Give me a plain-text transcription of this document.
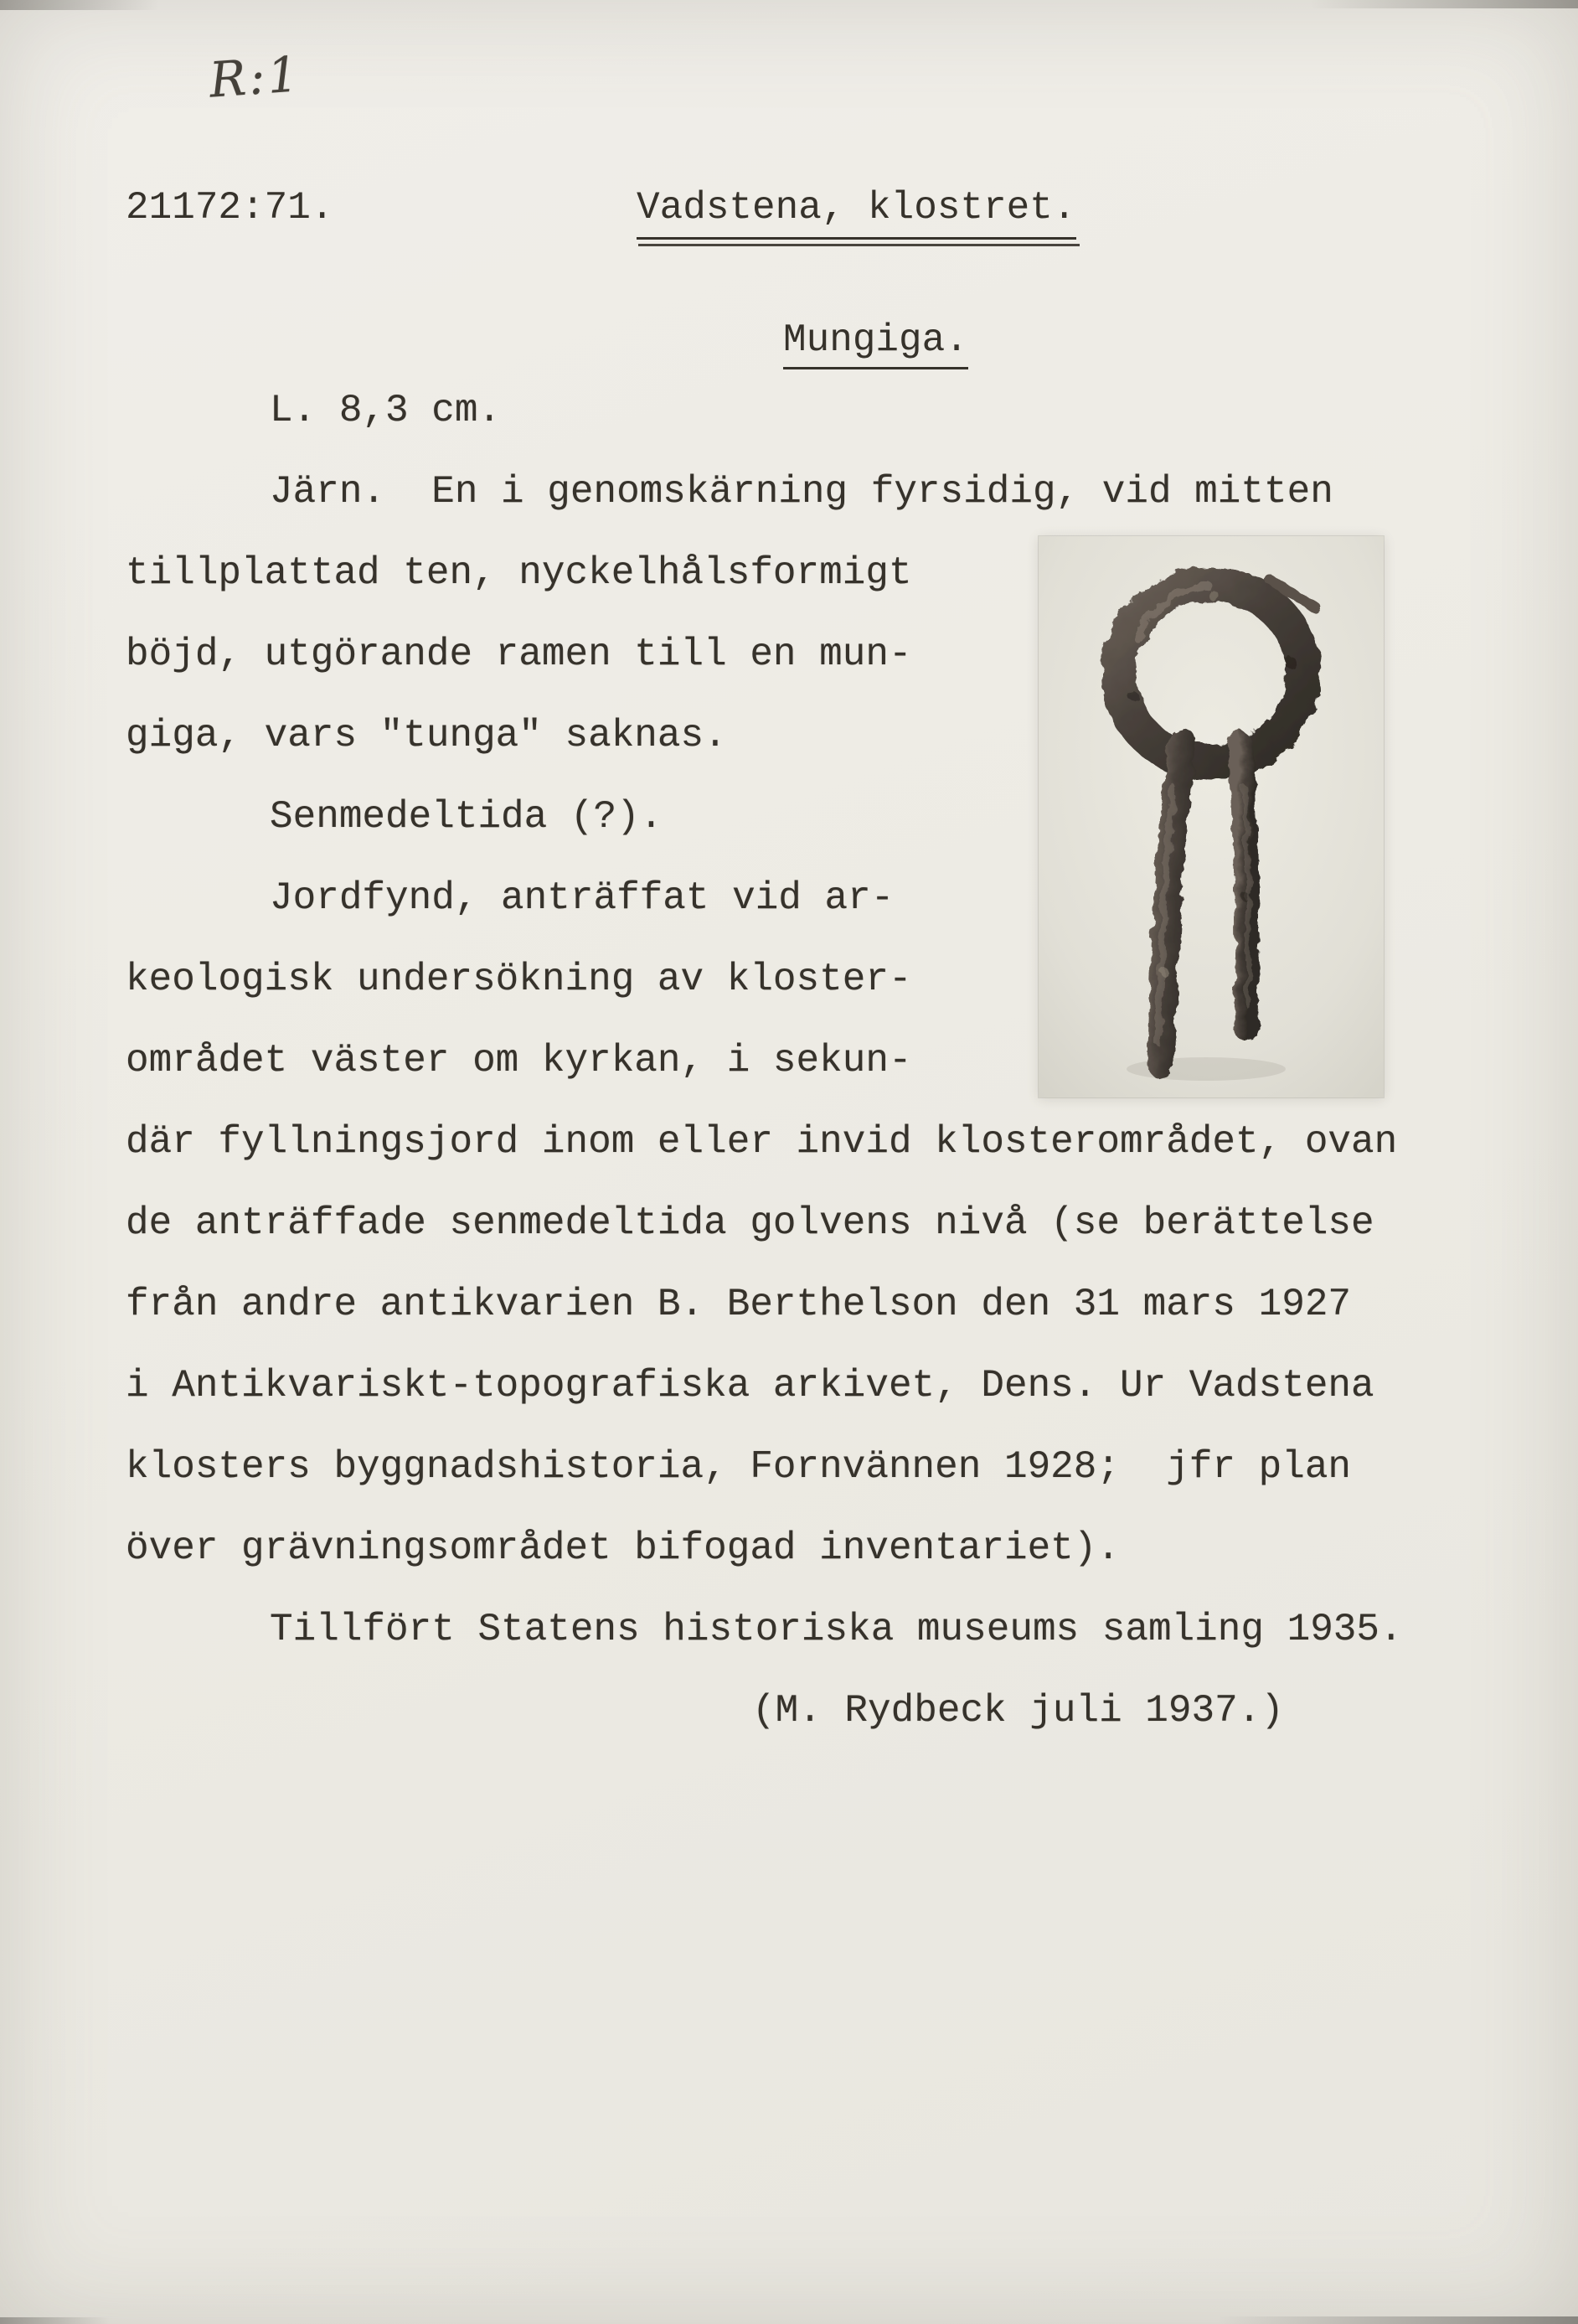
R:1
21172:71.	Vadstena, klostret.
Mungiga.
L. 8,3 cm.
Järn.  En i genomskärning fyrsidig, vid mitten
tillplattad ten, nyckelhålsformigt
böjd, utgörande ramen till en mun-
giga, vars "tunga" saknas.
Senmedeltida (?).
Jordfynd, anträffat vid ar-
keologisk undersökning av kloster-
området väster om kyrkan, i sekun-
där fyllningsjord inom eller invid klosterområdet, ovan
de anträffade senmedeltida golvens nivå (se berättelse
från andre antikvarien B. Berthelson den 31 mars 1927
i Antikvariskt-topografiska arkivet, Dens. Ur Vadstena
klosters byggnadshistoria, Fornvännen 1928;  jfr plan
över grävningsområdet bifogad inventariet).
Tillfört Statens historiska museums samling 1935.
(M. Rydbeck juli 1937.)
